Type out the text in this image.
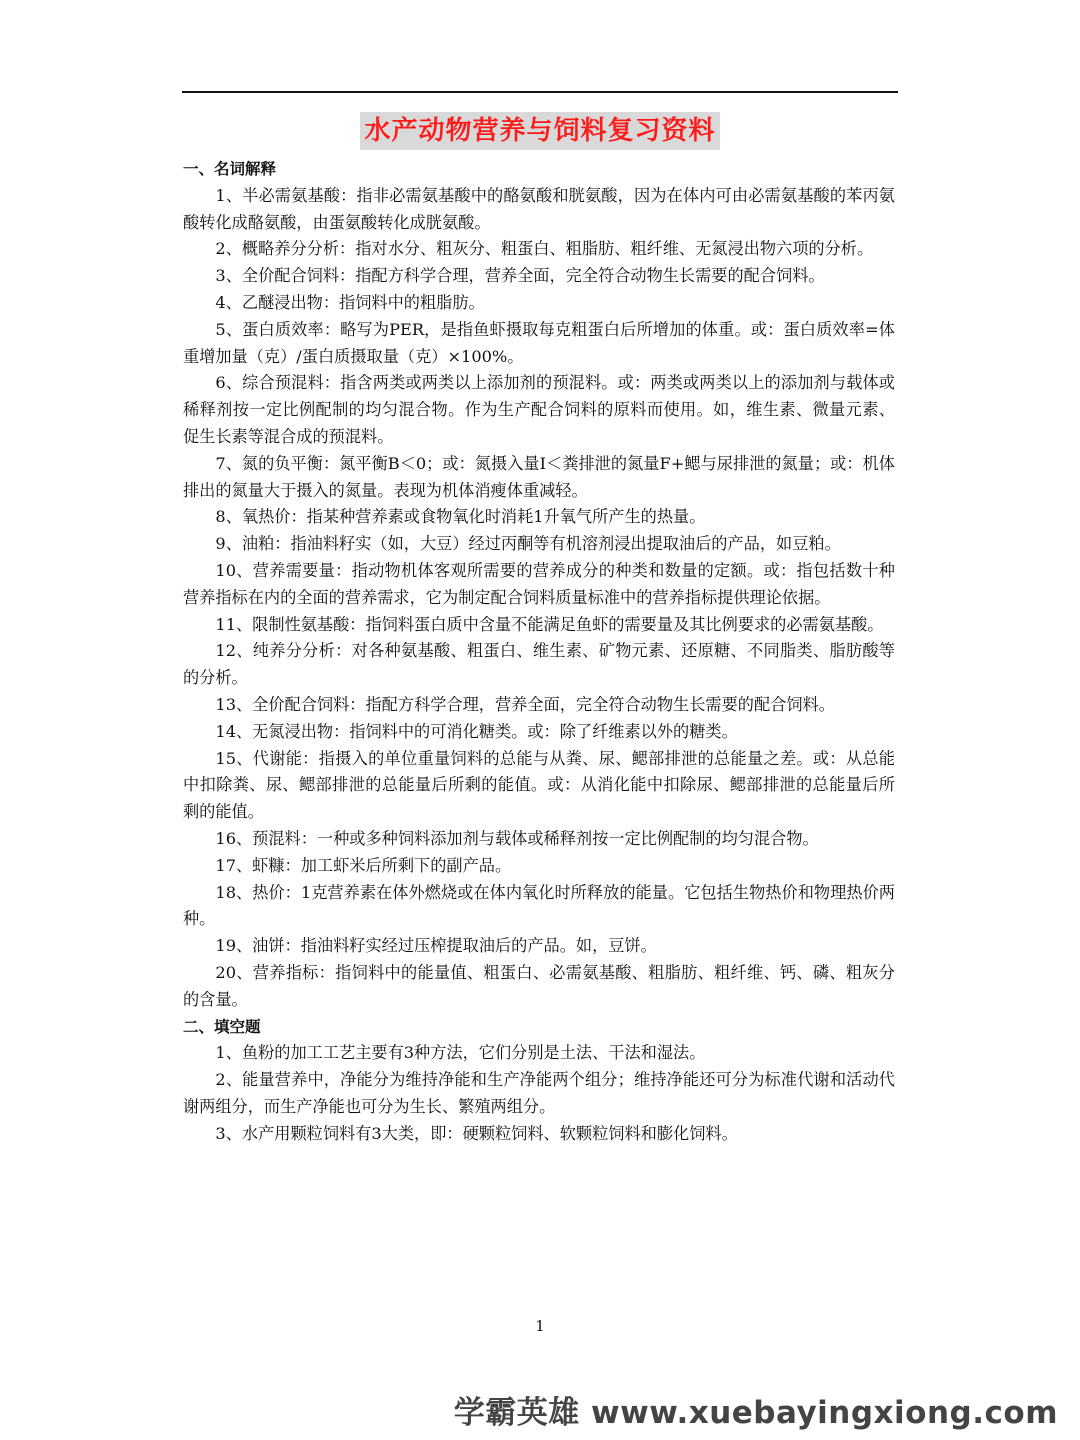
水产动物营养与饲料复习资料
一、名词解释

1、半必需氨基酸：指非必需氨基酸中的酪氨酸和胱氨酸，因为在体内可由必需氨基酸的苯丙氨酸转化成酪氨酸，由蛋氨酸转化成胱氨酸。

2、概略养分分析：指对水分、粗灰分、粗蛋白、粗脂肪、粗纤维、无氮浸出物六项的分析。

3、全价配合饲料：指配方科学合理，营养全面，完全符合动物生长需要的配合饲料。

4、乙醚浸出物：指饲料中的粗脂肪。

5、蛋白质效率：略写为PER，是指鱼虾摄取每克粗蛋白后所增加的体重。或：蛋白质效率=体重增加量（克）/蛋白质摄取量（克）×100%。

6、综合预混料：指含两类或两类以上添加剂的预混料。或：两类或两类以上的添加剂与载体或稀释剂按一定比例配制的均匀混合物。作为生产配合饲料的原料而使用。如，维生素、微量元素、促生长素等混合成的预混料。

7、氮的负平衡：氮平衡B＜0；或：氮摄入量I＜粪排泄的氮量F+鳃与尿排泄的氮量；或：机体排出的氮量大于摄入的氮量。表现为机体消瘦体重减轻。

8、氧热价：指某种营养素或食物氧化时消耗1升氧气所产生的热量。

9、油粕：指油料籽实（如，大豆）经过丙酮等有机溶剂浸出提取油后的产品，如豆粕。

10、营养需要量：指动物机体客观所需要的营养成分的种类和数量的定额。或：指包括数十种营养指标在内的全面的营养需求，它为制定配合饲料质量标准中的营养指标提供理论依据。

11、限制性氨基酸：指饲料蛋白质中含量不能满足鱼虾的需要量及其比例要求的必需氨基酸。

12、纯养分分析：对各种氨基酸、粗蛋白、维生素、矿物元素、还原糖、不同脂类、脂肪酸等的分析。

13、全价配合饲料：指配方科学合理，营养全面，完全符合动物生长需要的配合饲料。

14、无氮浸出物：指饲料中的可消化糖类。或：除了纤维素以外的糖类。

15、代谢能：指摄入的单位重量饲料的总能与从粪、尿、鳃部排泄的总能量之差。或：从总能中扣除粪、尿、鳃部排泄的总能量后所剩的能值。或：从消化能中扣除尿、鳃部排泄的总能量后所剩的能值。

16、预混料：一种或多种饲料添加剂与载体或稀释剂按一定比例配制的均匀混合物。

17、虾糠：加工虾米后所剩下的副产品。

18、热价：1克营养素在体外燃烧或在体内氧化时所释放的能量。它包括生物热价和物理热价两种。

19、油饼：指油料籽实经过压榨提取油后的产品。如，豆饼。

20、营养指标：指饲料中的能量值、粗蛋白、必需氨基酸、粗脂肪、粗纤维、钙、磷、粗灰分的含量。

二、填空题

1、鱼粉的加工工艺主要有3种方法，它们分别是土法、干法和湿法。

2、能量营养中，净能分为维持净能和生产净能两个组分；维持净能还可分为标准代谢和活动代谢两组分，而生产净能也可分为生长、繁殖两组分。

3、水产用颗粒饲料有3大类，即：硬颗粒饲料、软颗粒饲料和膨化饲料。

1
学霸英雄 www.xuebayingxiong.com
